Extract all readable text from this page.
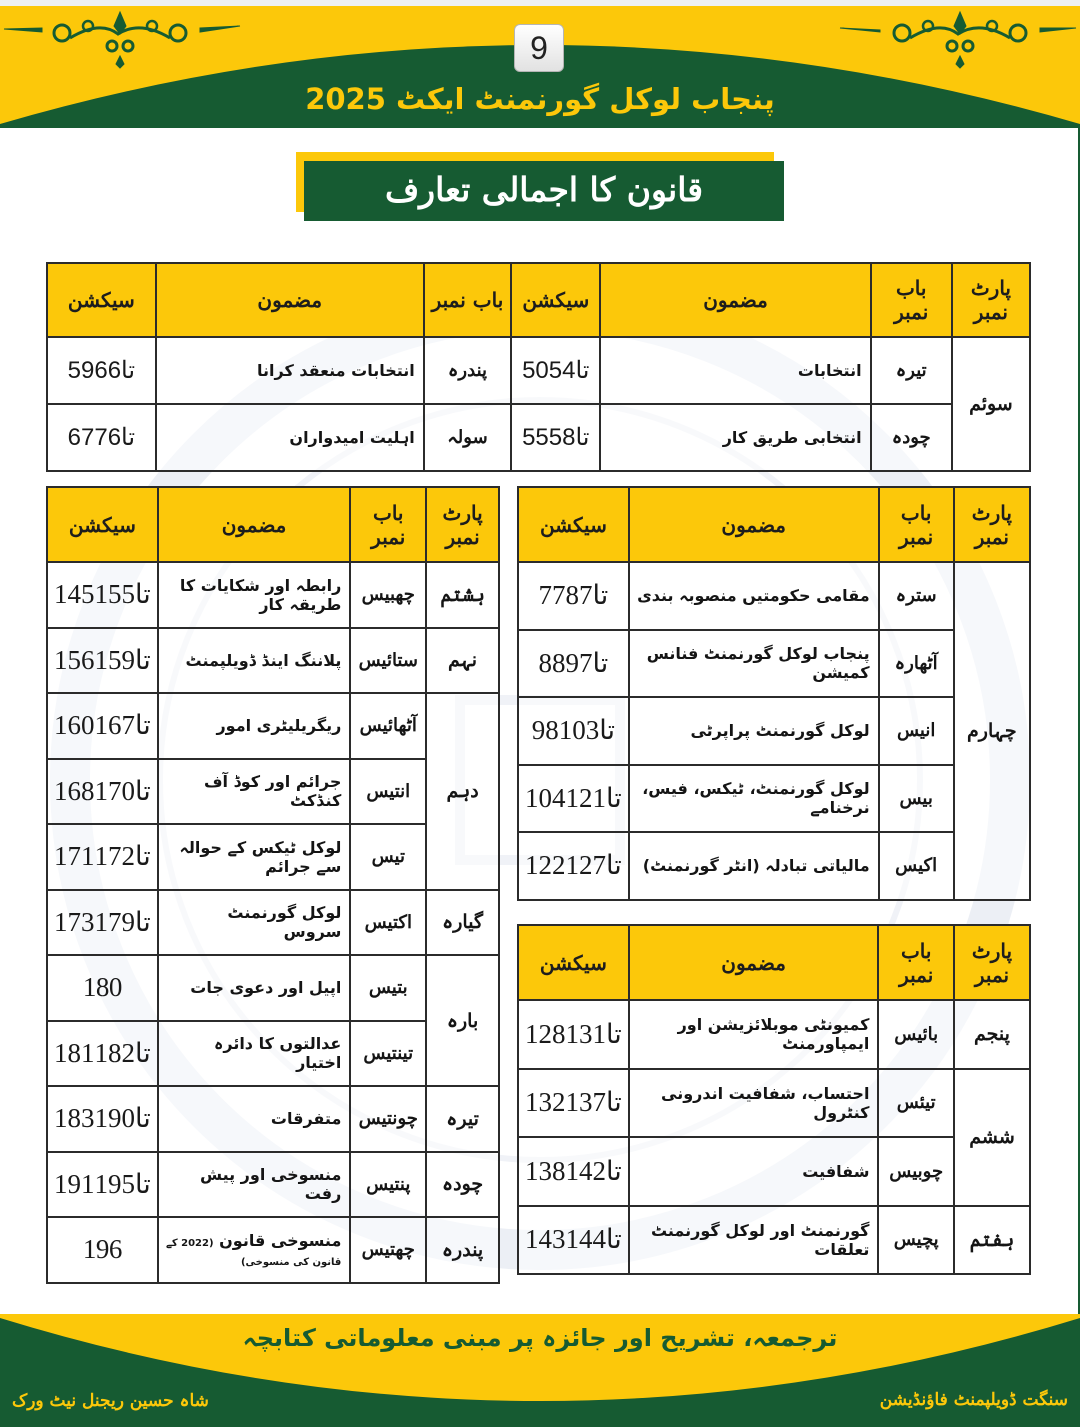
9
پنجاب لوکل گورنمنٹ ایکٹ 2025
قانون کا اجمالی تعارف
پارٹ نمبر	باب نمبر	مضمون	سیکشن	باب نمبر	مضمون	سیکشن
سوئم	تیرہ	انتخابات	50تا54	پندرہ	انتخابات منعقد کرانا	59تا66
	چودہ	انتخابی طریق کار	55تا58	سولہ	اہلیت امیدواران	67تا76
پارٹ نمبر	باب نمبر	مضمون	سیکشن
چہارم	سترہ	مقامی حکومتیں منصوبہ بندی	77تا87
	آٹھارہ	پنجاب لوکل گورنمنٹ فنانس کمیشن	88تا97
	انیس	لوکل گورنمنٹ پراپرٹی	98تا103
	بیس	لوکل گورنمنٹ، ٹیکس، فیس، نرخنامے	104تا121
	اکیس	مالیاتی تبادلہ (انٹر گورنمنٹ)	122تا127
پارٹ نمبر	باب نمبر	مضمون	سیکشن
پنجم	بائیس	کمیونٹی موبلائزیشن اور ایمپاورمنٹ	128تا131
ششم	تیئس	احتساب، شفافیت اندرونی کنٹرول	132تا137
	چوبیس	شفافیت	138تا142
ہفتم	پچیس	گورنمنٹ اور لوکل گورنمنٹ تعلقات	143تا144
پارٹ نمبر	باب نمبر	مضمون	سیکشن
ہشتم	چھبیس	رابطہ اور شکایات کا طریقہ کار	145تا155
نہم	ستائیس	پلاننگ اینڈ ڈویلپمنٹ	156تا159
دہم	آٹھائیس	ریگریلیٹری امور	160تا167
	انتیس	جرائم اور کوڈ آف کنڈکٹ	168تا170
	تیس	لوکل ٹیکس کے حوالہ سے جرائم	171تا172
گیارہ	اکتیس	لوکل گورنمنٹ سروس	173تا179
بارہ	بتیس	اپیل اور دعوی جات	180
	تینتیس	عدالتوں کا دائرہ اختیار	181تا182
تیرہ	چونتیس	متفرقات	183تا190
چودہ	پنتیس	منسوخی اور پیش رفت	191تا195
پندرہ	چھتیس	منسوخی قانون (2022 کے قانون کی منسوخی)	196
ترجمعہ، تشریح اور جائزہ پر مبنی معلوماتی کتابچہ
شاہ حسین ریجنل نیٹ ورک	سنگت ڈویلپمنٹ فاؤنڈیشن
